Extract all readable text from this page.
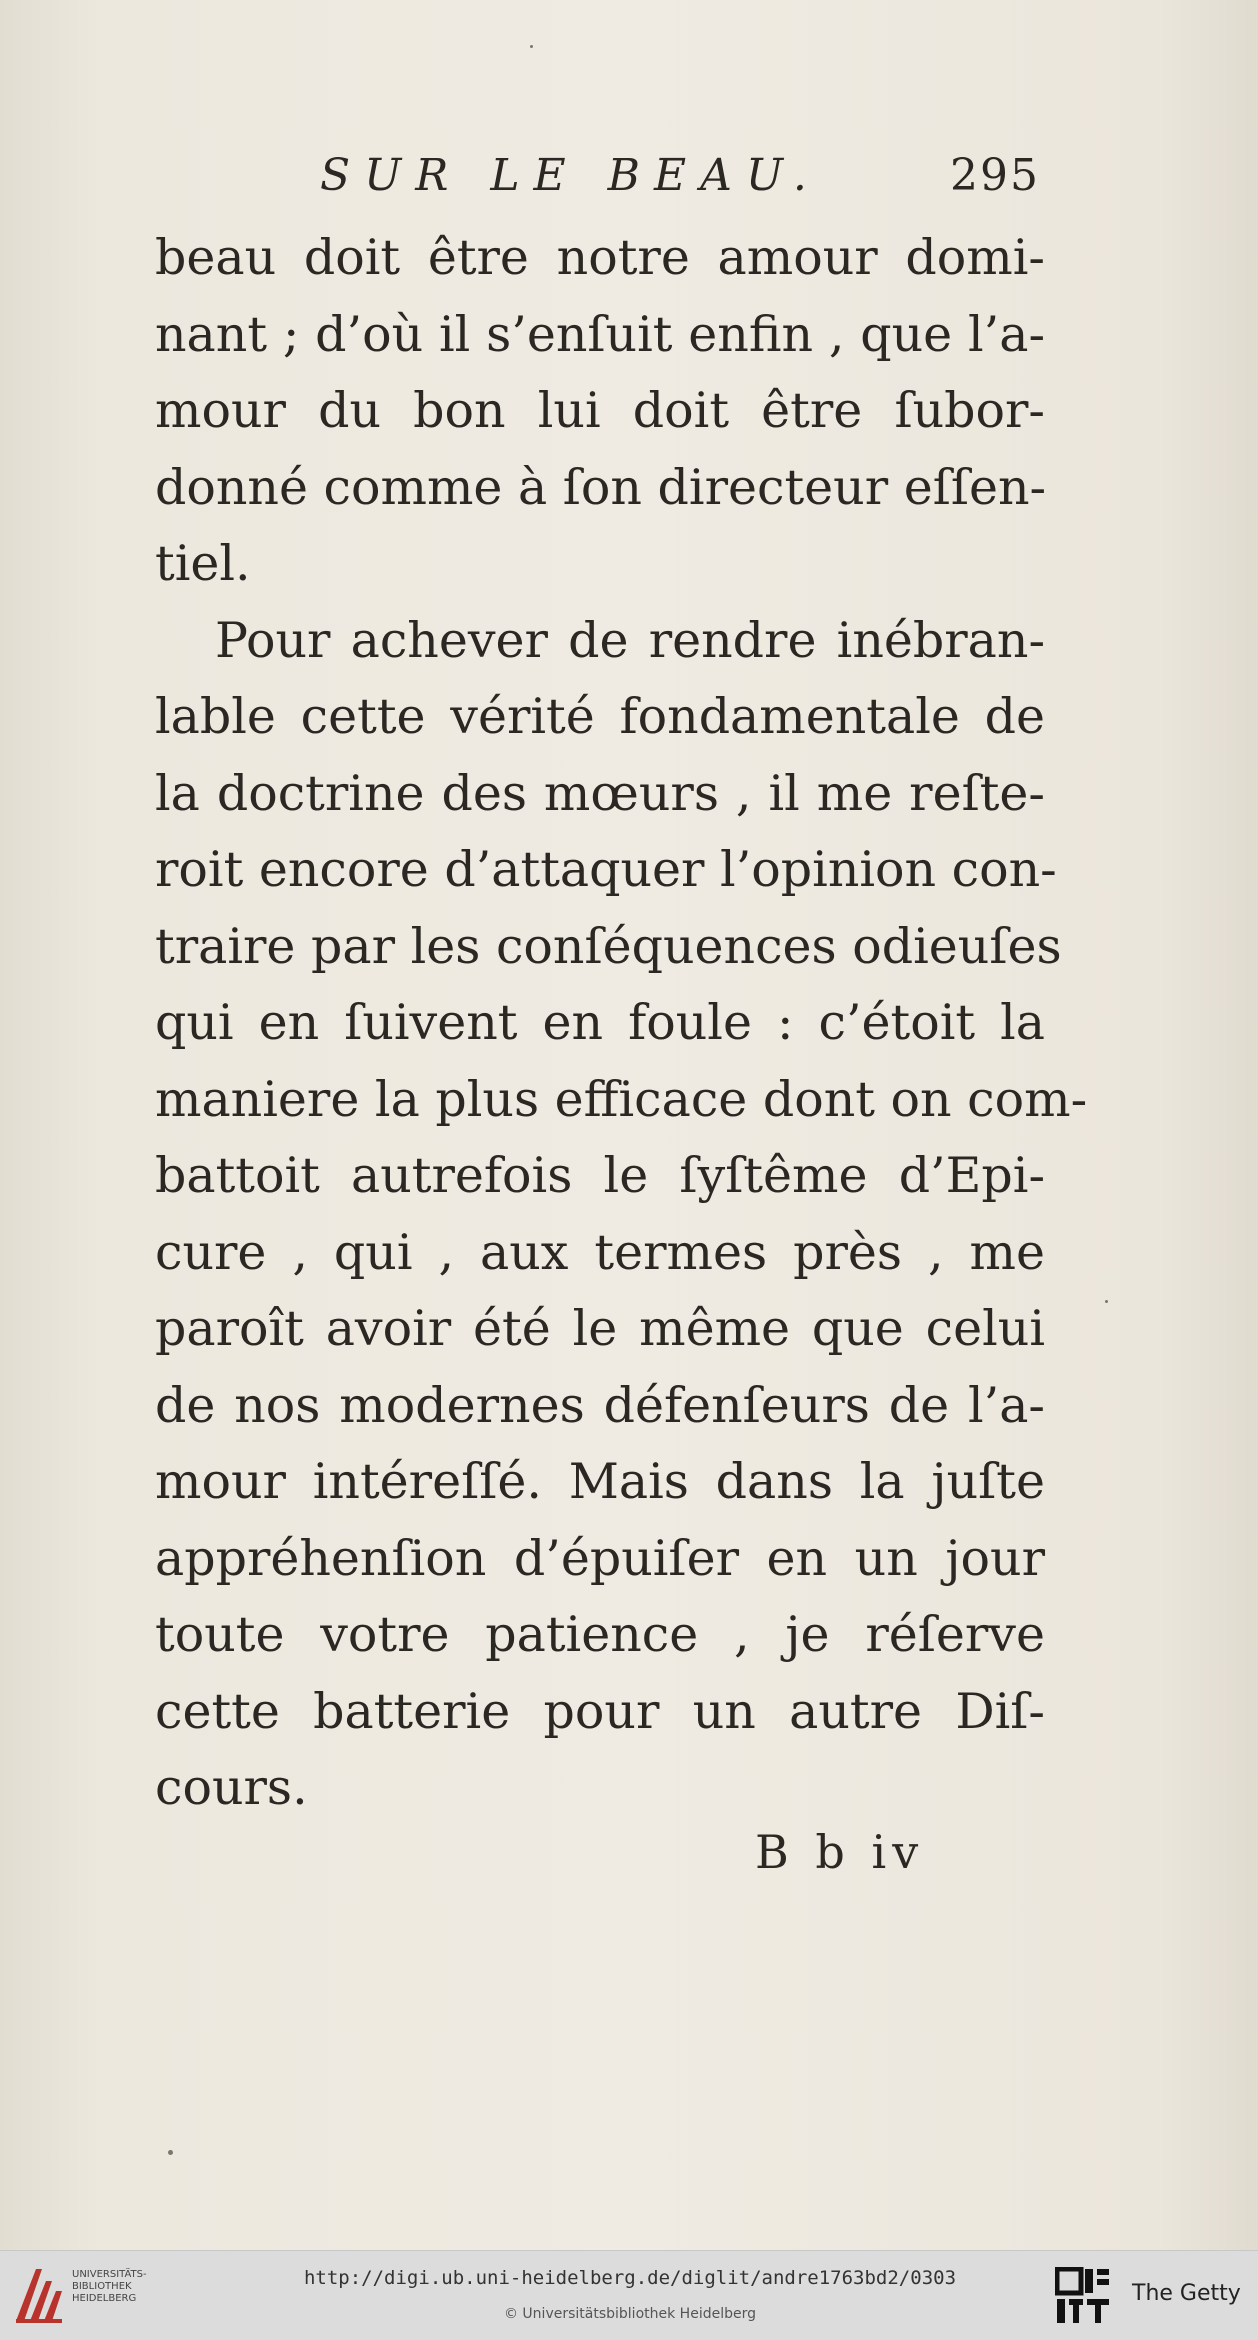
SUR LE BEAU.	295
beau doit être notre amour domi-
nant ; d’où il s’enſuit enfin , que l’a-
mour du bon lui doit être ſubor-
donné comme à ſon directeur eſſen-
tiel.
Pour achever de rendre inébran-
lable cette vérité fondamentale de
la doctrine des mœurs , il me reſte-
roit encore d’attaquer l’opinion con-
traire par les conſéquences odieuſes
qui en ſuivent en foule : c’étoit la
maniere la plus efficace dont on com-
battoit autrefois le ſyſtême d’Epi-
cure , qui , aux termes près , me
paroît avoir été le même que celui
de nos modernes défenſeurs de l’a-
mour intéreſſé. Mais dans la juſte
appréhenſion d’épuiſer en un jour
toute votre patience , je réſerve
cette batterie pour un autre Diſ-
cours.
B b iv
UNIVERSITÄTS-
BIBLIOTHEK
HEIDELBERG
http://digi.ub.uni-heidelberg.de/diglit/andre1763bd2/0303
© Universitätsbibliothek Heidelberg
The Getty
